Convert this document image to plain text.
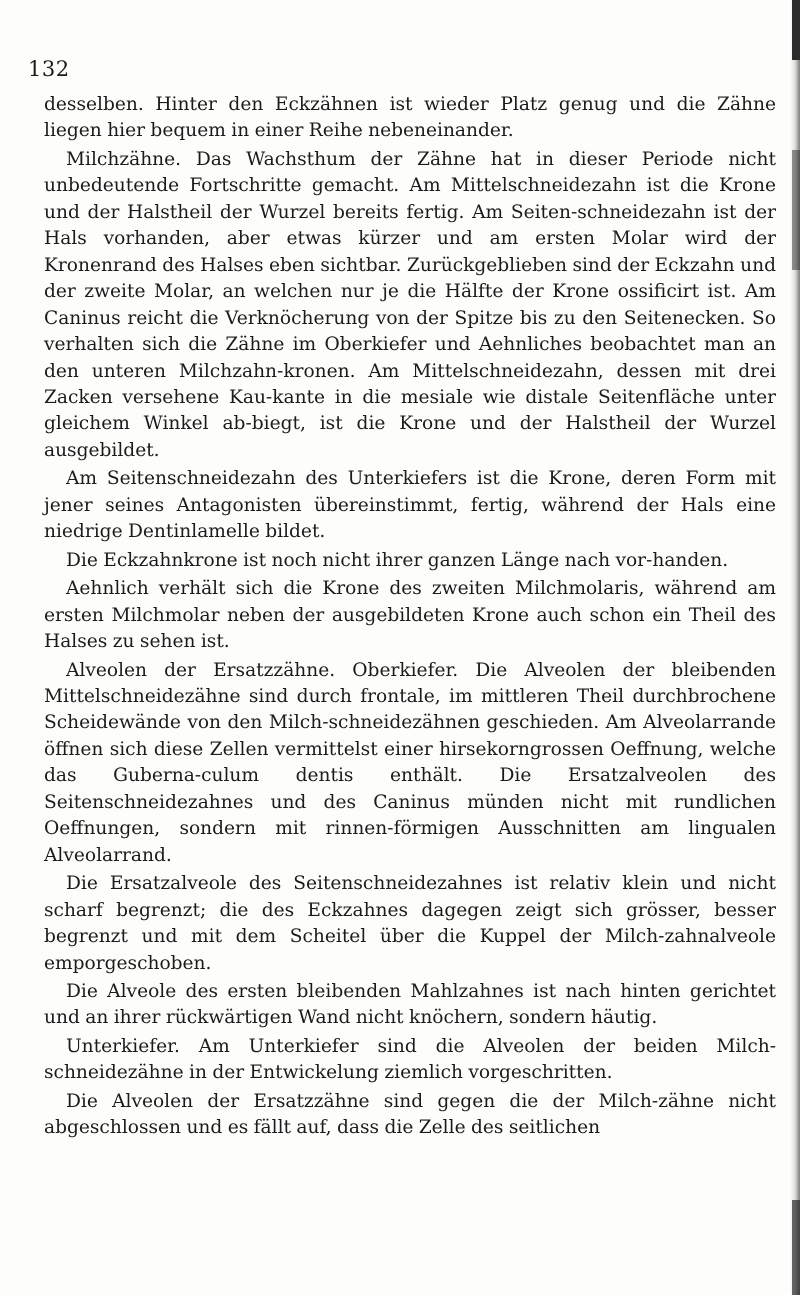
132

desselben. Hinter den Eckzähnen ist wieder Platz genug und die Zähne liegen hier bequem in einer Reihe nebeneinander.

Milchzähne. Das Wachsthum der Zähne hat in dieser Periode nicht unbedeutende Fortschritte gemacht. Am Mittelschneidezahn ist die Krone und der Halstheil der Wurzel bereits fertig. Am Seiten-schneidezahn ist der Hals vorhanden, aber etwas kürzer und am ersten Molar wird der Kronenrand des Halses eben sichtbar. Zurückgeblieben sind der Eckzahn und der zweite Molar, an welchen nur je die Hälfte der Krone ossificirt ist. Am Caninus reicht die Verknöcherung von der Spitze bis zu den Seitenecken. So verhalten sich die Zähne im Oberkiefer und Aehnliches beobachtet man an den unteren Milchzahn-kronen. Am Mittelschneidezahn, dessen mit drei Zacken versehene Kau-kante in die mesiale wie distale Seitenfläche unter gleichem Winkel ab-biegt, ist die Krone und der Halstheil der Wurzel ausgebildet.

Am Seitenschneidezahn des Unterkiefers ist die Krone, deren Form mit jener seines Antagonisten übereinstimmt, fertig, während der Hals eine niedrige Dentinlamelle bildet.

Die Eckzahnkrone ist noch nicht ihrer ganzen Länge nach vor-handen.

Aehnlich verhält sich die Krone des zweiten Milchmolaris, während am ersten Milchmolar neben der ausgebildeten Krone auch schon ein Theil des Halses zu sehen ist.

Alveolen der Ersatzzähne. Oberkiefer. Die Alveolen der bleibenden Mittelschneidezähne sind durch frontale, im mittleren Theil durchbrochene Scheidewände von den Milch-schneidezähnen geschieden. Am Alveolarrande öffnen sich diese Zellen vermittelst einer hirsekorngrossen Oeffnung, welche das Guberna-culum dentis enthält. Die Ersatzalveolen des Seitenschneidezahnes und des Caninus münden nicht mit rundlichen Oeffnungen, sondern mit rinnen-förmigen Ausschnitten am lingualen Alveolarrand.

Die Ersatzalveole des Seitenschneidezahnes ist relativ klein und nicht scharf begrenzt; die des Eckzahnes dagegen zeigt sich grösser, besser begrenzt und mit dem Scheitel über die Kuppel der Milch-zahnalveole emporgeschoben.

Die Alveole des ersten bleibenden Mahlzahnes ist nach hinten gerichtet und an ihrer rückwärtigen Wand nicht knöchern, sondern häutig.

Unterkiefer. Am Unterkiefer sind die Alveolen der beiden Milch-schneidezähne in der Entwickelung ziemlich vorgeschritten.

Die Alveolen der Ersatzzähne sind gegen die der Milch-zähne nicht abgeschlossen und es fällt auf, dass die Zelle des seitlichen
